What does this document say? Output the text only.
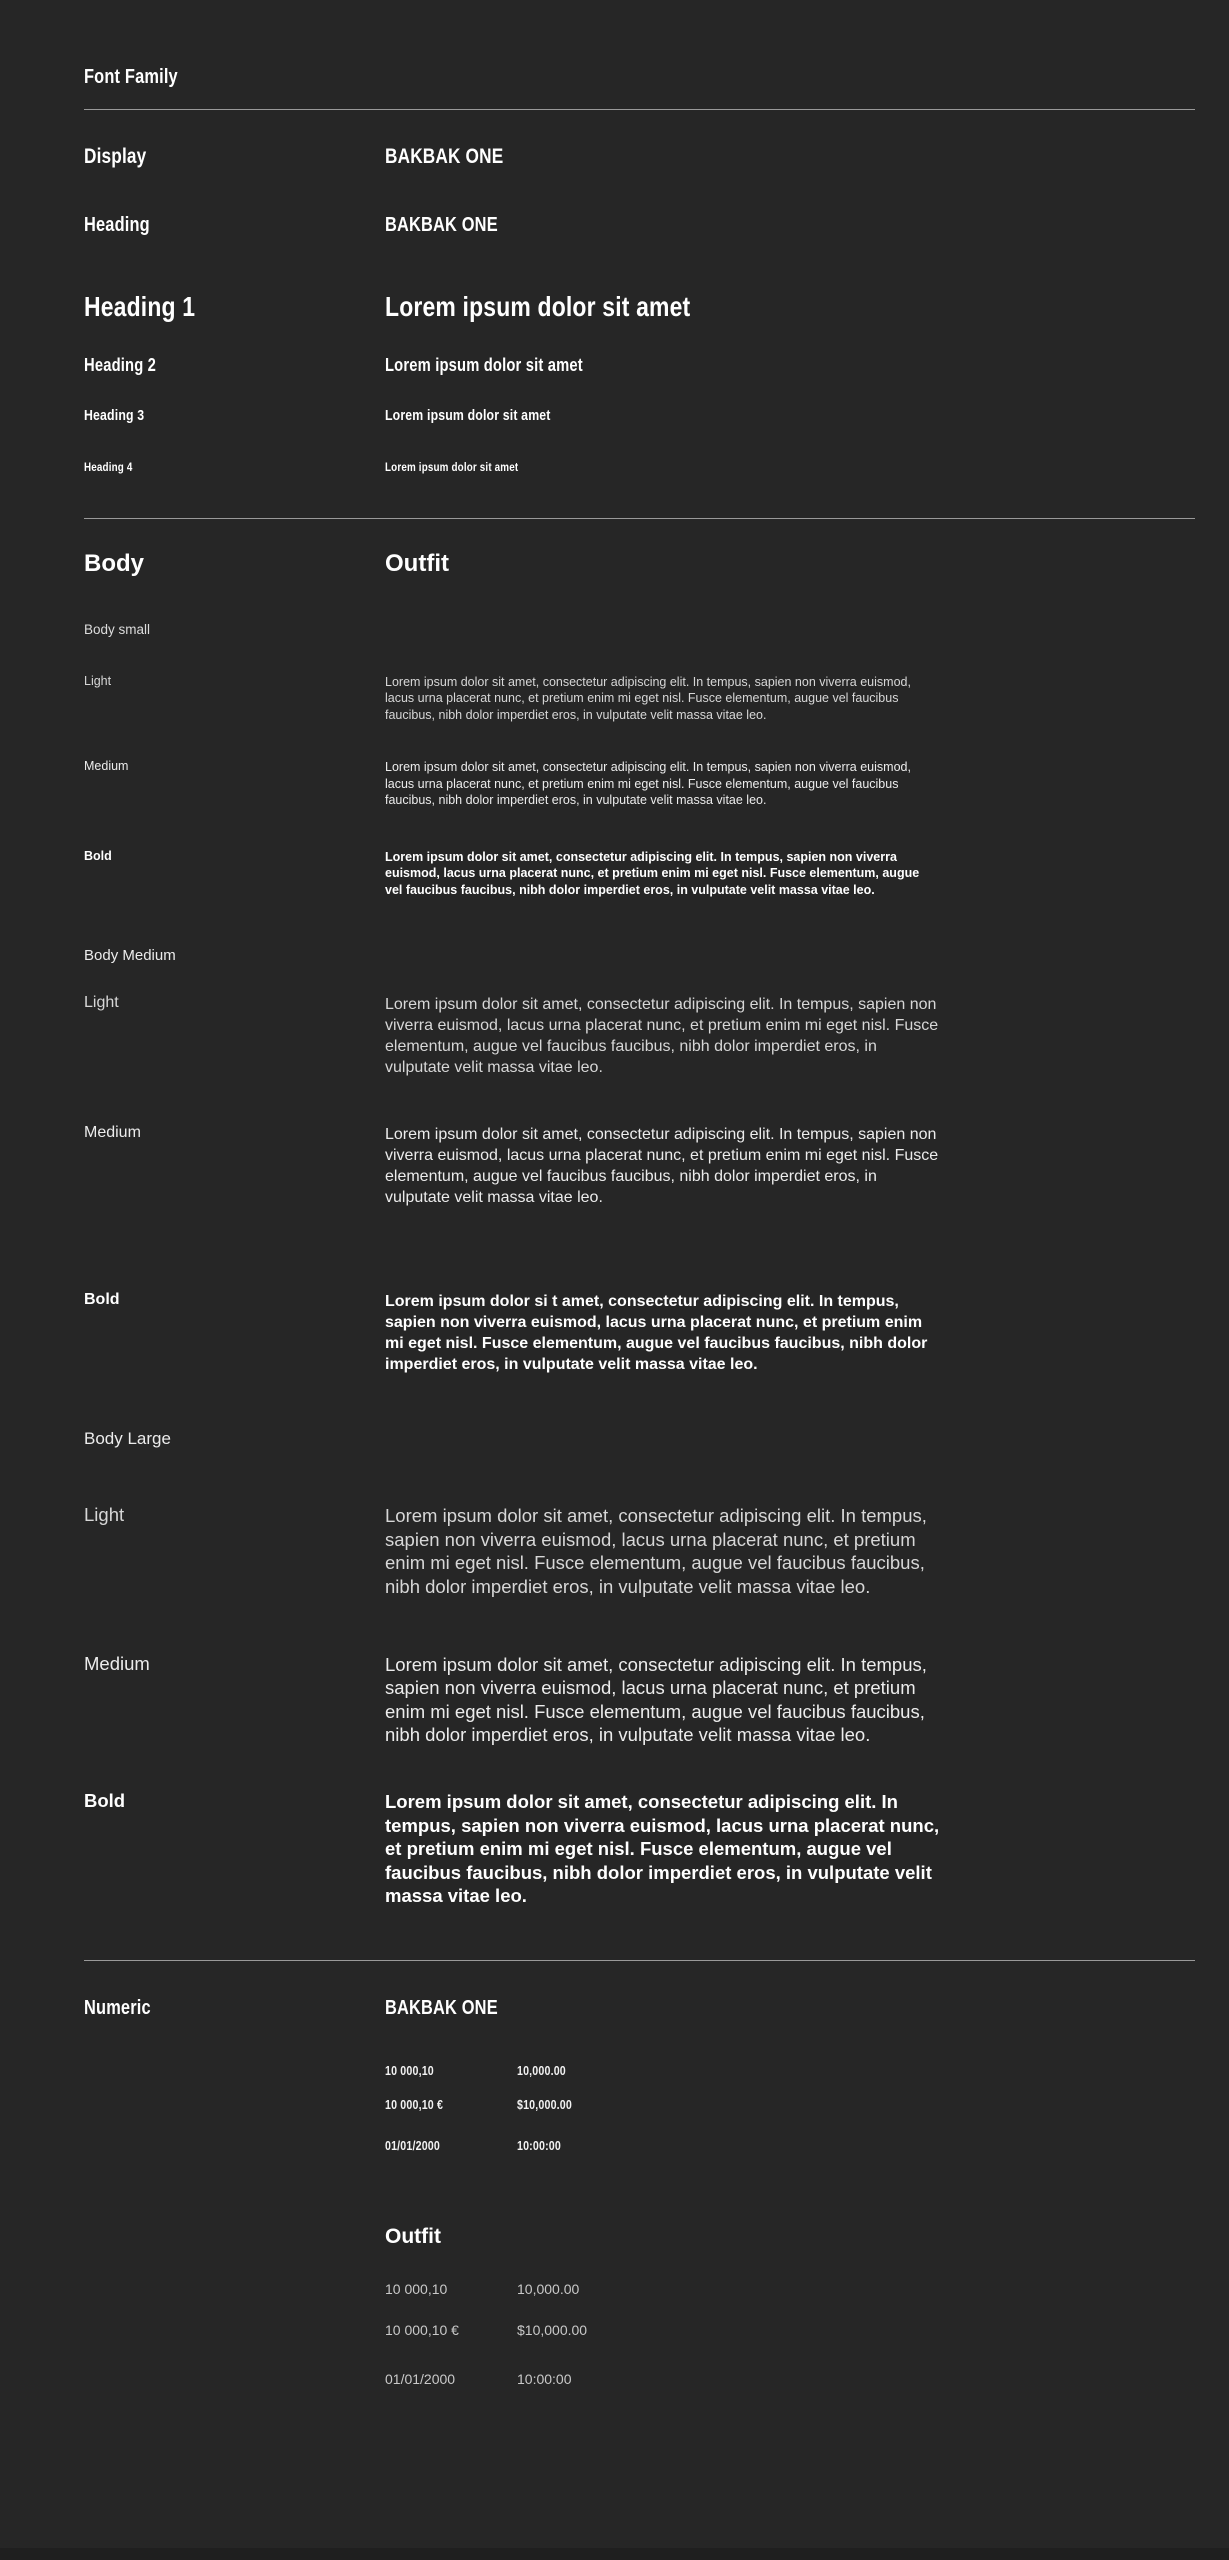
Font Family
Display	BAKBAK ONE
Heading	BAKBAK ONE
Heading 1	Lorem ipsum dolor sit amet
Heading 2	Lorem ipsum dolor sit amet
Heading 3	Lorem ipsum dolor sit amet
Heading 4	Lorem ipsum dolor sit amet
Body	Outfit
Body small
Light	Lorem ipsum dolor sit amet, consectetur adipiscing elit. In tempus, sapien non viverra euismod, lacus urna placerat nunc, et pretium enim mi eget nisl. Fusce elementum, augue vel faucibus faucibus, nibh dolor imperdiet eros, in vulputate velit massa vitae leo.
Medium	Lorem ipsum dolor sit amet, consectetur adipiscing elit. In tempus, sapien non viverra euismod, lacus urna placerat nunc, et pretium enim mi eget nisl. Fusce elementum, augue vel faucibus faucibus, nibh dolor imperdiet eros, in vulputate velit massa vitae leo.
Bold	Lorem ipsum dolor sit amet, consectetur adipiscing elit. In tempus, sapien non viverra euismod, lacus urna placerat nunc, et pretium enim mi eget nisl. Fusce elementum, augue vel faucibus faucibus, nibh dolor imperdiet eros, in vulputate velit massa vitae leo.
Body Medium
Light	Lorem ipsum dolor sit amet, consectetur adipiscing elit. In tempus, sapien non viverra euismod, lacus urna placerat nunc, et pretium enim mi eget nisl. Fusce elementum, augue vel faucibus faucibus, nibh dolor imperdiet eros, in vulputate velit massa vitae leo.
Medium	Lorem ipsum dolor sit amet, consectetur adipiscing elit. In tempus, sapien non viverra euismod, lacus urna placerat nunc, et pretium enim mi eget nisl. Fusce elementum, augue vel faucibus faucibus, nibh dolor imperdiet eros, in vulputate velit massa vitae leo.
Bold	Lorem ipsum dolor si t amet, consectetur adipiscing elit. In tempus, sapien non viverra euismod, lacus urna placerat nunc, et pretium enim mi eget nisl. Fusce elementum, augue vel faucibus faucibus, nibh dolor imperdiet eros, in vulputate velit massa vitae leo.
Body Large
Light	Lorem ipsum dolor sit amet, consectetur adipiscing elit. In tempus, sapien non viverra euismod, lacus urna placerat nunc, et pretium enim mi eget nisl. Fusce elementum, augue vel faucibus faucibus, nibh dolor imperdiet eros, in vulputate velit massa vitae leo.
Medium	Lorem ipsum dolor sit amet, consectetur adipiscing elit. In tempus, sapien non viverra euismod, lacus urna placerat nunc, et pretium enim mi eget nisl. Fusce elementum, augue vel faucibus faucibus, nibh dolor imperdiet eros, in vulputate velit massa vitae leo.
Bold	Lorem ipsum dolor sit amet, consectetur adipiscing elit. In tempus, sapien non viverra euismod, lacus urna placerat nunc, et pretium enim mi eget nisl. Fusce elementum, augue vel faucibus faucibus, nibh dolor imperdiet eros, in vulputate velit massa vitae leo.
Numeric	BAKBAK ONE
10 000,10	10,000.00
10 000,10 €	$10,000.00
01/01/2000	10:00:00
Outfit
10 000,10	10,000.00
10 000,10 €	$10,000.00
01/01/2000	10:00:00
